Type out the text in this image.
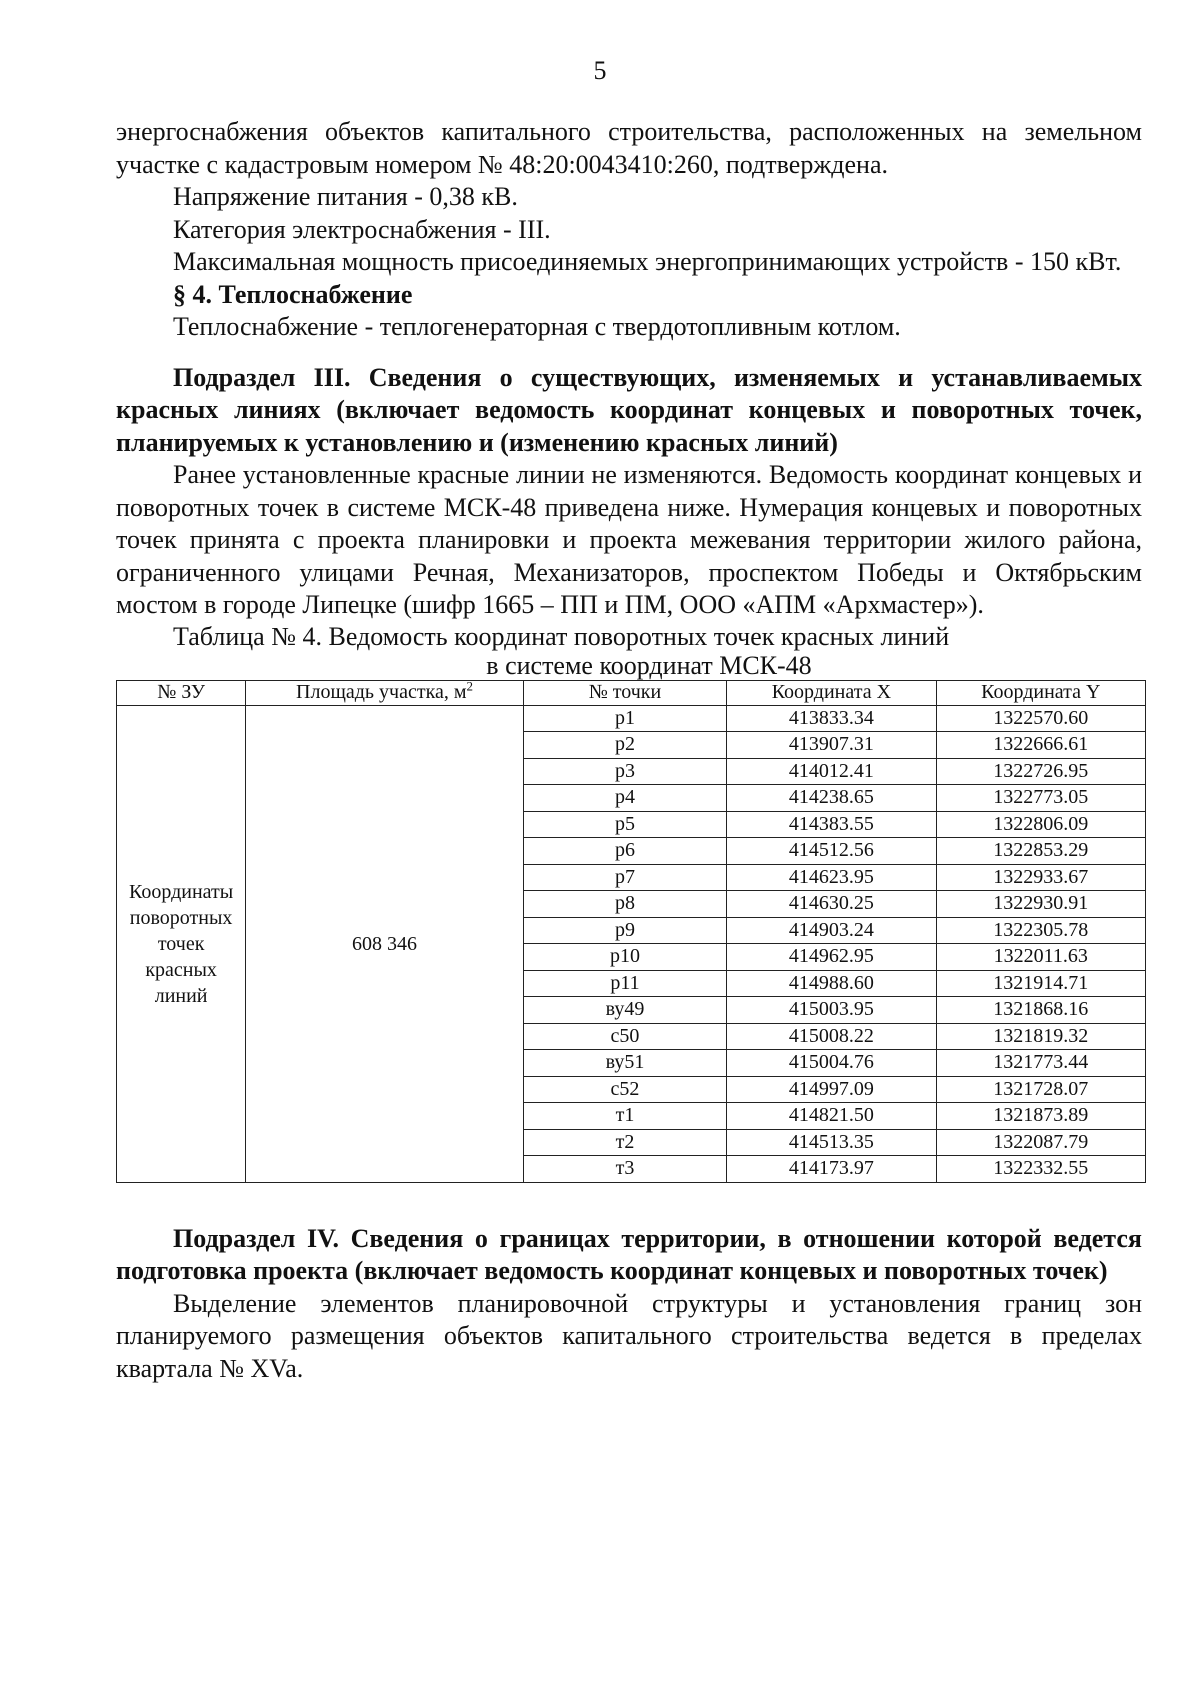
5

энергоснабжения объектов капитального строительства, расположенных на земельном участке с кадастровым номером № 48:20:0043410:260, подтверждена.

Напряжение питания - 0,38 кВ.

Категория электроснабжения - III.

Максимальная мощность присоединяемых энергопринимающих устройств - 150 кВт.

§ 4. Теплоснабжение

Теплоснабжение - теплогенераторная с твердотопливным котлом.

Подраздел III. Сведения о существующих, изменяемых и устанавливаемых красных линиях (включает ведомость координат концевых и поворотных точек, планируемых к установлению и (изменению красных линий)

Ранее установленные красные линии не изменяются. Ведомость координат концевых и поворотных точек в системе МСК-48 приведена ниже. Нумерация концевых и поворотных точек принята с проекта планировки и проекта межевания территории жилого района, ограниченного улицами Речная, Механизаторов, проспектом Победы и Октябрьским мостом в городе Липецке (шифр 1665 – ПП и ПМ, ООО «АПМ «Архмастер»).

Таблица № 4. Ведомость координат поворотных точек красных линий

в системе координат МСК-48

№ ЗУ	Площадь участка, $м^2$	№ точки	Координата X	Координата Y

Координаты
поворотных
точек
красных
линий	608 346	p1	413833.34	1322570.60
		p2	413907.31	1322666.61
		p3	414012.41	1322726.95
		p4	414238.65	1322773.05
		p5	414383.55	1322806.09
		p6	414512.56	1322853.29
		p7	414623.95	1322933.67
		p8	414630.25	1322930.91
		p9	414903.24	1322305.78
		p10	414962.95	1322011.63
		p11	414988.60	1321914.71
		ву49	415003.95	1321868.16
		с50	415008.22	1321819.32
		ву51	415004.76	1321773.44
		с52	414997.09	1321728.07
		т1	414821.50	1321873.89
		т2	414513.35	1322087.79
		т3	414173.97	1322332.55

Подраздел IV. Сведения о границах территории, в отношении которой ведется подготовка проекта (включает ведомость координат концевых и поворотных точек)

Выделение элементов планировочной структуры и установления границ зон планируемого размещения объектов капитального строительства ведется в пределах квартала № XVa.
